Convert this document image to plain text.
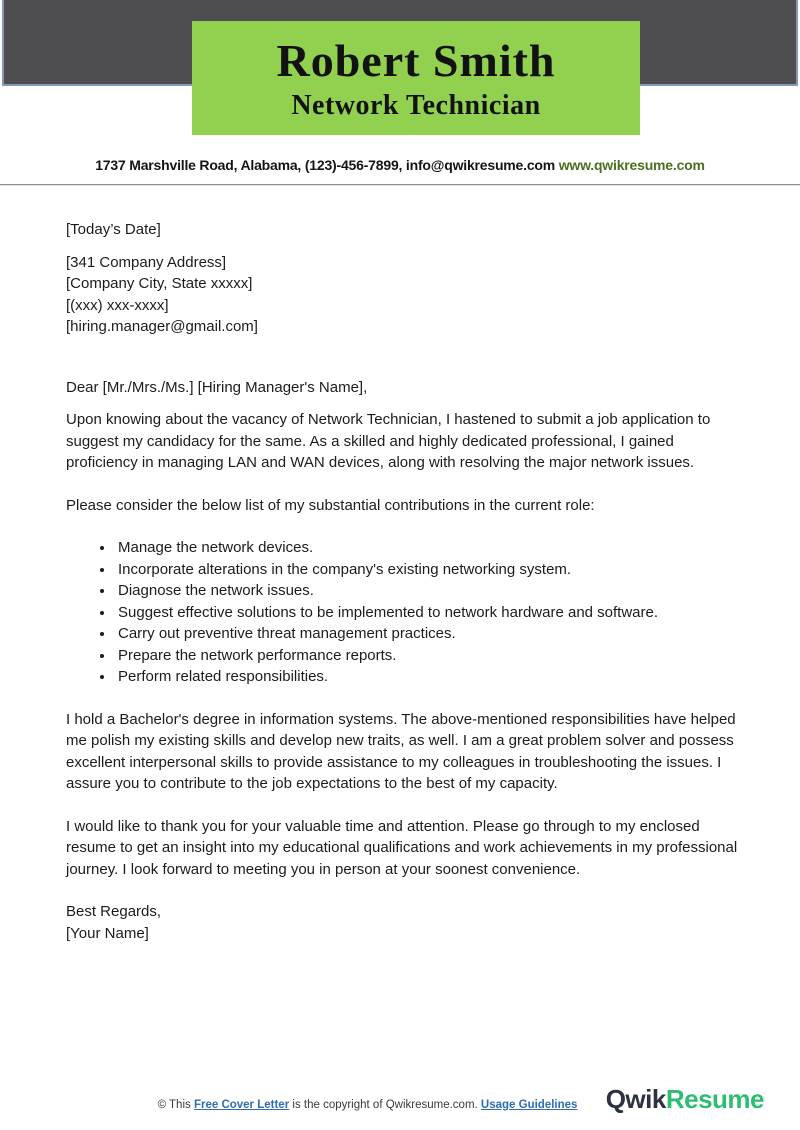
Robert Smith
Network Technician
1737 Marshville Road, Alabama, (123)-456-7899, info@qwikresume.com www.qwikresume.com

[Today’s Date]

[341 Company Address]
[Company City, State xxxxx]
[(xxx) xxx-xxxx]
[hiring.manager@gmail.com]

Dear [Mr./Mrs./Ms.] [Hiring Manager's Name],

Upon knowing about the vacancy of Network Technician, I hastened to submit a job application to suggest my candidacy for the same. As a skilled and highly dedicated professional, I gained proficiency in managing LAN and WAN devices, along with resolving the major network issues.

Please consider the below list of my substantial contributions in the current role:

• Manage the network devices.
• Incorporate alterations in the company's existing networking system.
• Diagnose the network issues.
• Suggest effective solutions to be implemented to network hardware and software.
• Carry out preventive threat management practices.
• Prepare the network performance reports.
• Perform related responsibilities.

I hold a Bachelor's degree in information systems. The above-mentioned responsibilities have helped me polish my existing skills and develop new traits, as well. I am a great problem solver and possess excellent interpersonal skills to provide assistance to my colleagues in troubleshooting the issues. I assure you to contribute to the job expectations to the best of my capacity.

I would like to thank you for your valuable time and attention. Please go through to my enclosed resume to get an insight into my educational qualifications and work achievements in my professional journey. I look forward to meeting you in person at your soonest convenience.

Best Regards,
[Your Name]
© This Free Cover Letter is the copyright of Qwikresume.com. Usage Guidelines	QwikResume
